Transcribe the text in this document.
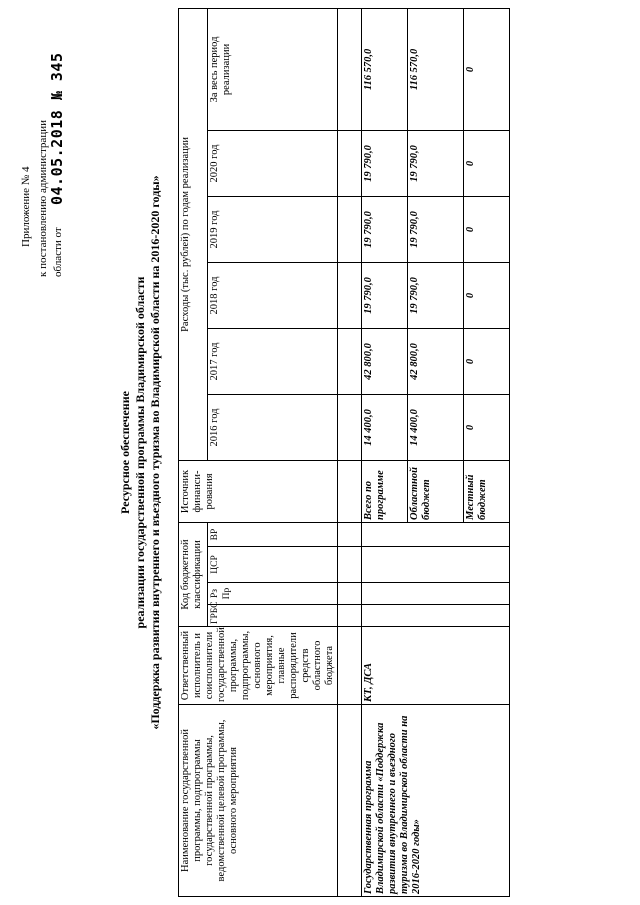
Приложение № 4 к постановлению администрации области от
04.05.2018 № 345
Ресурсное обеспечение реализации государственной программы Владимирской области «Поддержка развития внутреннего и въездного туризма во Владимирской области на 2016-2020 годы»
Наименование государственной программы, подпрограммы государственной программы, ведомственной целевой программы, основного мероприятия	Ответственный исполнитель и соисполнители государственной программы, подпрограммы, основного мероприятия, главные распорядители средств областного бюджета	Код бюджетной классификации				Источник финанси-рования	Расходы (тыс. рублей) по годам реализации					
		ГРБС	Рз Пр	ЦСР	ВР		2016 год	2017 год	2018 год	2019 год	2020 год	За весь период реализации

Государственная программа Владимирской области «Поддержка развития внутреннего и въездного туризма во Владимирской области на 2016-2020 годы»	КТ, ДСА					Всего по программе	14 400,0	42 800,0	19 790,0	19 790,0	19 790,0	116 570,0
						Областной бюджет	14 400,0	42 800,0	19 790,0	19 790,0	19 790,0	116 570,0
						Местный бюджет	0	0	0	0	0	0
